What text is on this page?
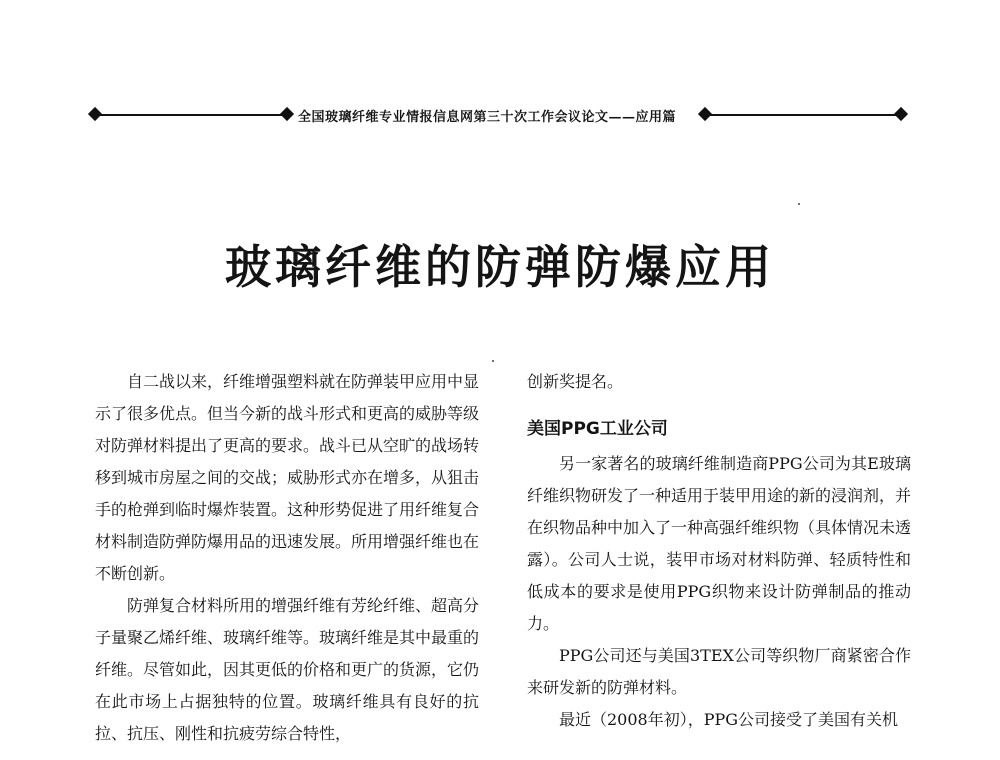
全国玻璃纤维专业情报信息网第三十次工作会议论文——应用篇
玻璃纤维的防弹防爆应用

自二战以来，纤维增强塑料就在防弹装甲应用中显示了很多优点。但当今新的战斗形式和更高的威胁等级对防弹材料提出了更高的要求。战斗已从空旷的战场转移到城市房屋之间的交战；威胁形式亦在增多，从狙击手的枪弹到临时爆炸装置。这种形势促进了用纤维复合材料制造防弹防爆用品的迅速发展。所用增强纤维也在不断创新。

防弹复合材料所用的增强纤维有芳纶纤维、超高分子量聚乙烯纤维、玻璃纤维等。玻璃纤维是其中最重的纤维。尽管如此，因其更低的价格和更广的货源，它仍在此市场上占据独特的位置。玻璃纤维具有良好的抗拉、抗压、刚性和抗疲劳综合特性，

创新奖提名。

美国PPG工业公司

另一家著名的玻璃纤维制造商PPG公司为其E玻璃纤维织物研发了一种适用于装甲用途的新的浸润剂，并在织物品种中加入了一种高强纤维织物（具体情况未透露）。公司人士说，装甲市场对材料防弹、轻质特性和低成本的要求是使用PPG织物来设计防弹制品的推动力。

PPG公司还与美国3TEX公司等织物厂商紧密合作来研发新的防弹材料。

最近（2008年初），PPG公司接受了美国有关机
